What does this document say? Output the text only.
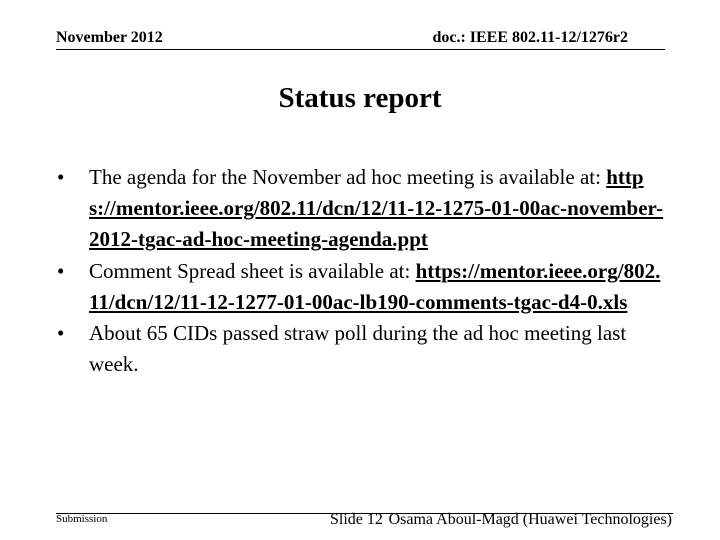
November 2012	doc.: IEEE 802.11-12/1276r2
Status report
• The agenda for the November ad hoc meeting is available at: https://mentor.ieee.org/802.11/dcn/12/11-12-1275-01-00ac-november-2012-tgac-ad-hoc-meeting-agenda.ppt
• Comment Spread sheet is available at: https://mentor.ieee.org/802.11/dcn/12/11-12-1277-01-00ac-lb190-comments-tgac-d4-0.xls
• About 65 CIDs passed straw poll during the ad hoc meeting last week.
Submission	Slide 12 Osama Aboul-Magd (Huawei Technologies)
